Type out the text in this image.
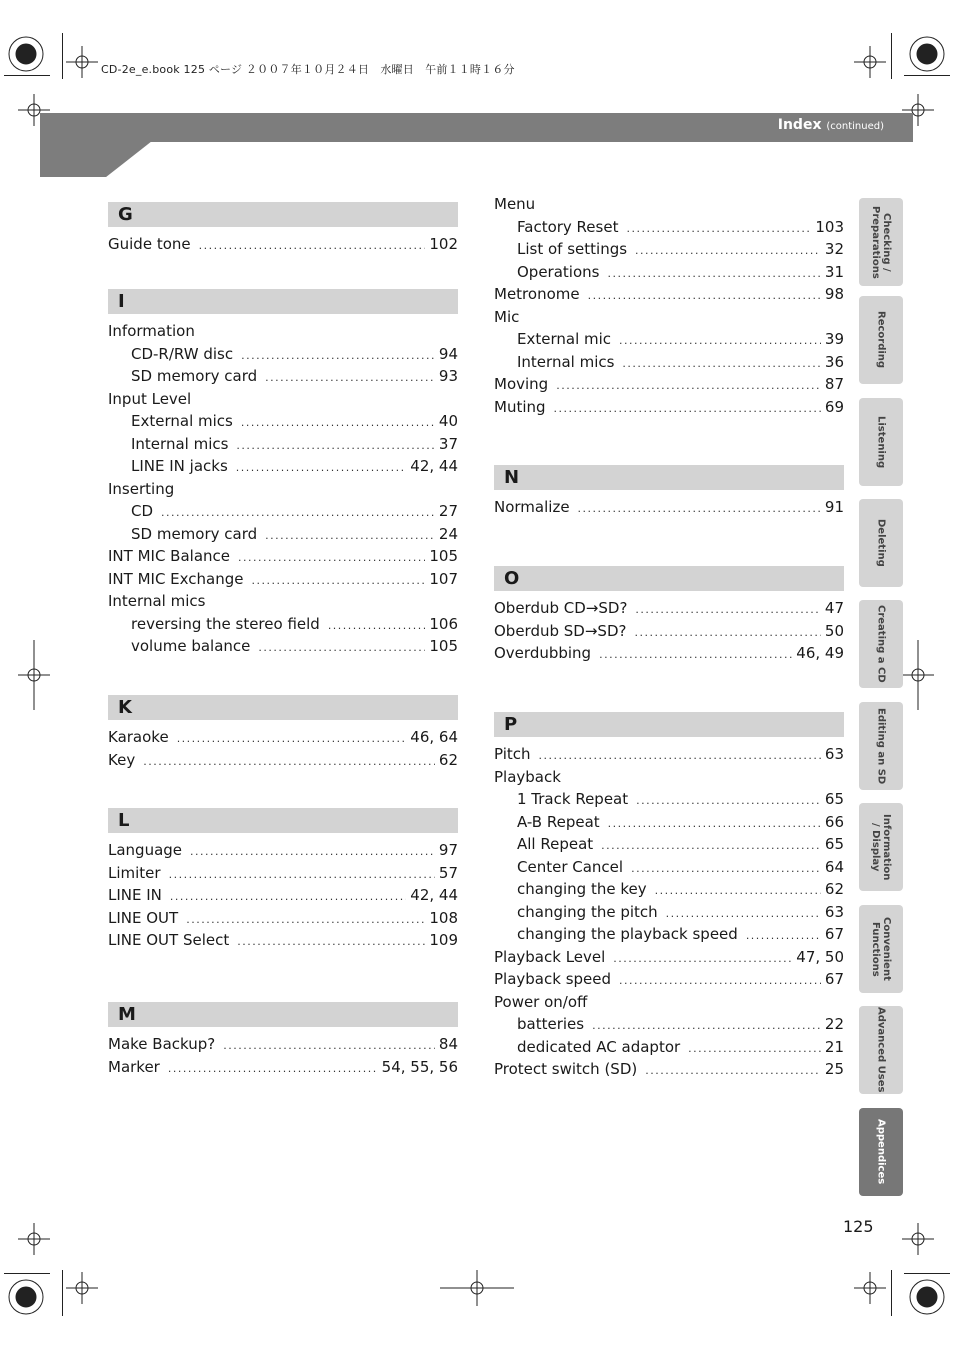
CD-2e_e.book 125 ページ ２００７年１０月２４日　水曜日　午前１１時１６分
Index (continued)
G
Guide tone .....	102
I
Information
CD-R/RW disc .....	94
SD memory card .....	93
Input Level
External mics .....	40
Internal mics .....	37
LINE IN jacks .....	42, 44
Inserting
CD .....	27
SD memory card .....	24
INT MIC Balance .....	105
INT MIC Exchange .....	107
Internal mics
reversing the stereo field .....	106
volume balance .....	105
K
Karaoke .....	46, 64
Key .....	62
L
Language .....	97
Limiter .....	57
LINE IN .....	42, 44
LINE OUT .....	108
LINE OUT Select .....	109
M
Make Backup? .....	84
Marker .....	54, 55, 56
Menu
Factory Reset .....	103
List of settings .....	32
Operations .....	31
Metronome .....	98
Mic
External mic .....	39
Internal mics .....	36
Moving .....	87
Muting .....	69
N
Normalize .....	91
O
Oberdub CD→SD? .....	47
Oberdub SD→SD? .....	50
Overdubbing .....	46, 49
P
Pitch .....	63
Playback
1 Track Repeat .....	65
A-B Repeat .....	66
All Repeat .....	65
Center Cancel .....	64
changing the key .....	62
changing the pitch .....	63
changing the playback speed .....	67
Playback Level .....	47, 50
Playback speed .....	67
Power on/off
batteries .....	22
dedicated AC adaptor .....	21
Protect switch (SD) .....	25
Checking /
Preparations
Recording
Listening
Deleting
Creating a CD
Editing an SD
Information
/ Display
Convenient
Functions
Advanced Uses
Appendices
125
